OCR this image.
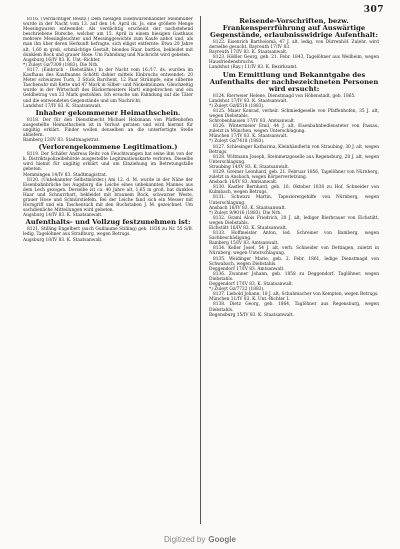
307

8116. (Verdächtiger Besitz.) Dem hiesigen Eisenwarenhändler Steinmüller wurde in der Nacht vom 13. auf den 14. April ds. Js. eine größere Menge Messingwaren entwendet. Als verdächtig erscheint der nachstehend beschriebene Bursche, welcher am 15. April in einem hiesigen Gasthaus mehrere Messingleuchter und Messinggewichte zum Kaufe anbot und, als man ihn über deren Herkunft befragte, sich eiligst entfernte: Etwa 20 Jahre alt, 1,60 m groß, schmächtige Gestalt, blondes Haar, bartlos, bekleidet mit dunklem Rock und grauer Hose. Um Fahndung und Nachricht wird gebeten.

Augsburg 16/IV 83. K. Unt.-Richter.

*) Zuleyt Gz/7309 (1883). Die Nrb.

8117. (Einbruch - Diebstähle.) In der Nacht vom 16./17. ds. wurden im Kaufhaus des Kaufmanns Schöttl dahier mittels Einbruchs entwendet: 20 Meter schwarzes Tuch, 3 Stück Barchent, 12 Paar Strümpfe, eine silberne Taschenuhr mit Kette und 47 Mark in Silber- und Nickelmünzen. Gleichzeitig wurde in der Wirtschaft des Bäckermeisters Hartl eingebrochen und ein Geldbetrag von 23 Mark gestohlen. Ich ersuche um Fahndung auf die Täter und die entwendeten Gegenstände und um Nachricht.

Landshut 17/IV 83. K. Staatsanwalt.

Inhaber gekommener Heimathschein.

8118. Der für den Dienstknecht Michael Holzmann von Pfaffenhofen ausgestellte Heimathschein ist in Verlust geraten und wird hiermit für ungiltig erklärt. Finder wollen denselben an die unterfertigte Stelle abliefern.

Bamberg 13/IV 83. Stadtmagistrat.

(Verlorengekommene Legitimation.)

8119. Der Schäfer Andreas Reitz von Feuchtwangen hat seine ihm von der k. Distriktspolizeibehörde ausgestellte Legitimationskarte verloren. Dieselbe wird hiemit für ungiltig erklärt und um Einziehung im Betretungsfalle gebeten.

Memmingen 14/IV 83. Stadtmagistrat.

8120. (Unbekannter Selbstmörder.) Am 12. d. M. wurde in der Nähe der Eisenbahnbrücke bei Augsburg die Leiche eines unbekannten Mannes aus dem Lech gezogen. Derselbe ist ca. 40 Jahre alt, 1,65 m groß, hat dunkles Haar und Schnurrbart, bekleidet mit braunem Rock, schwarzer Weste, grauer Hose und Schnürstiefeln. Bei der Leiche fand sich ein Messer mit Horngriff und ein Taschentuch mit den Buchstaben J. M. gezeichnet. Um sachdienliche Mitteilungen wird gebeten.

Augsburg 14/IV 83. K. Staatsanwalt.

Aufenthalts- und Vollzug festzunehmen ist:

8121. Stilling Engelbert (auch Guillaume Stilling) geb. 1836 zu Nr. 55 S/B. ledig, Tagelöhner aus Straßburg, wegen Betrugs.

Augsburg 18/IV 83. K. Staatsanwalt.

Reisende-Vorschriften, bezw. Frankensperrführung auf Auswärtige Gegenstände, erlaubnisswidrige Aufenthalt:

8122. Eisenrich Bartholomä, 47 J. alt, ledig, von Dürrenhöf. Zulehr. wird derselbe gesucht. Bayreuth 17/IV 83.

Bayreuth 17/IV 83. K. Staatsanwalt.

8123. Hößler Georg, geb. 21. Febr. 1843, Tagelöhner aus Weilheim, wegen Hausfriedensbruchs.

Landshut (Bay.) 11/IV 83. K. Bezirksamt.

Um Ermittlung und Bekanntgabe des Aufenthalts der nachbezeichneten Personen wird ersucht:

8124. Rierweier Helene, Dienstmagd von Höhenstadt, geb. 1865.

Landshut 17/IV 83. K. Staatsanwalt.

*) Zuleyt Gz/6518 (1883).

8125. Maier Konrad, verheir. Schmiedgeselle von Pfaffenhofen, 35 J. alt, wegen Diebstahls.

Schrobenhausen 17/IV 83. Amtsanwalt.

8126. Wintermeier Emil, 44 J. alt, Eisenbahnbediensteter von Passau, zuletzt in München, wegen Unterschlagung.

München 17/IV 83. K. Staatsanwalt.

*) Zuleyt Gz/7418 (1883).

8127. Schlesinger Katharina, Kleinhändlerin von Straubing, 30 J. alt, wegen Betrugs.

8128. Wittmann Joseph, Steinmetzgeselle aus Regensburg, 28 J. alt, wegen Unterschlagung.

Straubing 14/IV 83. K. Staatsanwalt.

8129. Greiner Leonhard, geb. 21. Februar 1856, Tagelöhner von Nürnberg, zuletzt in Ansbach, wegen Körperverletzung.

Ansbach 16/IV 83. Amtsanwalt.

8130. Kastler Bernhard, geb. 16. Oktober 1838 zu Hof, Schneider von Kulmbach, wegen Betrugs.

8131. Schwarz Martin, Tapezierergehilfe von Nürnberg, wegen Unterschlagung.

Ansbach 16/IV 83. K. Staatsanwalt.

*) Zuleyt 9/9016 (1883). Die Nrb.

8132. Graml Alois Friedrich, 20 J. alt, lediger Bierbrauer von Eichstätt, wegen Diebstahls.

Eichstätt 16/IV 83. K. Staatsanwalt.

8133. Hoffmeister Anton, led. Schreiner von Bamberg, wegen Sachbeschädigung.

Bamberg 15/IV 83. Amtsanwalt.

8134. Keller Josef, 54 J. alt, verh. Schneider von Dettingen, zuletzt in Nürnberg, wegen Unterschlagung.

8135. Weidinger Marie, geb. 2. Febr. 1861, ledige Dienstmagd von Schwabach, wegen Diebstahls.

Deggendorf 17/IV 83. Amtsanwalt.

8136. Zwanner Johann, geb. 1858 zu Deggendorf, Taglöhner, wegen Diebstahls.

Deggendorf 17/IV 83. K. Staatsanwalt.

*) Zuleyt Gz/7722 (1883).

8137. Liebold Johann, 18 J. alt, Schuhmacher von Kempten, wegen Betrugs.

München 11/IV 83. K. Unt.-Richter I.

8138. Dietz Georg, geb. 1864, Taglöhner aus Regensburg, wegen Diebstahls.

Regensburg 15/IV 83. K. Staatsanwalt.

Digitized by Google
